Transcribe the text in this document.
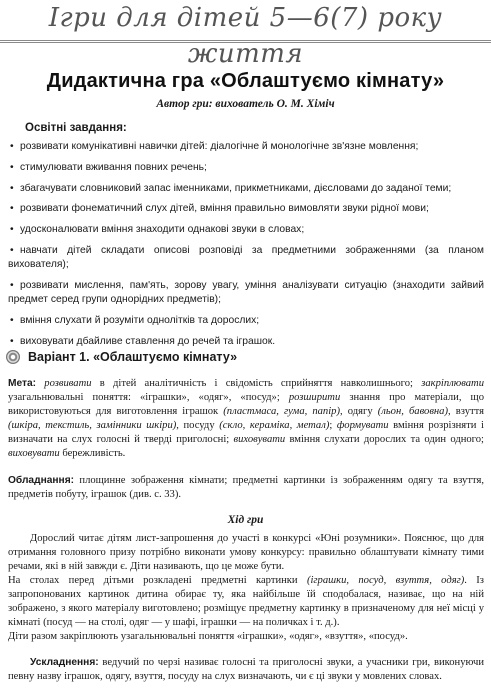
Ігри для дітей 5—6(7) року життя
Дидактична гра «Облаштуємо кімнату»
Автор гри: вихователь О. М. Хіміч
Освітні завдання:
• розвивати комунікативні навички дітей: діалогічне й монологічне зв'язне мовлення;
• стимулювати вживання повних речень;
• збагачувати словниковий запас іменниками, прикметниками, дієсловами до заданої теми;
• розвивати фонематичний слух дітей, вміння правильно вимовляти звуки рідної мови;
• удосконалювати вміння знаходити однакові звуки в словах;
• навчати дітей складати описові розповіді за предметними зображеннями (за планом вихователя);
• розвивати мислення, пам'ять, зорову увагу, уміння аналізувати ситуацію (знаходити зайвий предмет серед групи однорідних предметів);
• вміння слухати й розуміти однолітків та дорослих;
• виховувати дбайливе ставлення до речей та іграшок.
Варіант 1. «Облаштуємо кімнату»

Мета: розвивати в дітей аналітичність і свідомість сприйняття навколишнього; закріплювати узагальнювальні поняття: «іграшки», «одяг», «посуд»; розширити знання про матеріали, що використовуються для виготовлення іграшок (пластмаса, гума, папір), одягу (льон, бавовна), взуття (шкіра, текстиль, замінники шкіри), посуду (скло, кераміка, метал); формувати вміння розрізняти і визначати на слух голосні й тверді приголосні; виховувати вміння слухати дорослих та один одного; виховувати бережливість.

Обладнання: площинне зображення кімнати; предметні картинки із зображенням одягу та взуття, предметів побуту, іграшок (див. с. 33).

Хід гри

Дорослий читає дітям лист-запрошення до участі в конкурсі «Юні розумники». Пояснює, що для отримання головного призу потрібно виконати умову конкурсу: правильно облаштувати кімнату тими речами, які в ній завжди є. Діти називають, що це може бути.

На столах перед дітьми розкладені предметні картинки (іграшки, посуд, взуття, одяг). Із запропонованих картинок дитина обирає ту, яка найбільше їй сподобалася, називає, що на ній зображено, з якого матеріалу виготовлено; розміщує предметну картинку в призначеному для неї місці у кімнаті (посуд — на столі, одяг — у шафі, іграшки — на поличках і т. д.).

Діти разом закріплюють узагальнювальні поняття «іграшки», «одяг», «взуття», «посуд».

Ускладнення: ведучий по черзі називає голосні та приголосні звуки, а учасники гри, виконуючи певну назву іграшок, одягу, взуття, посуду на слух визначають, чи є ці звуки у мовлених словах.
